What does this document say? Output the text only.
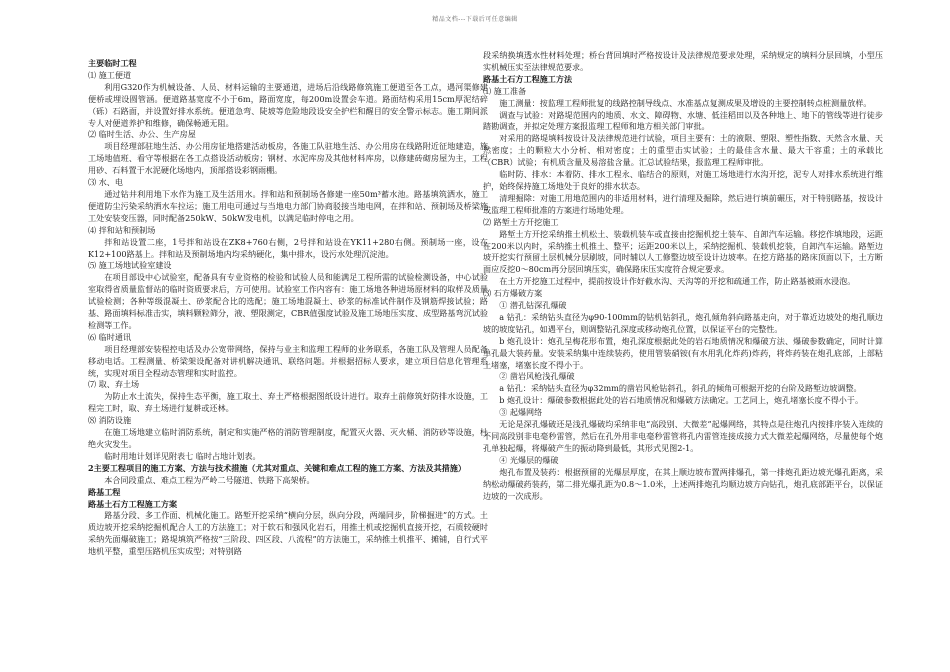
精品文档---下载后可任意编辑

主要临时工程

⑴ 施工便道

利用G320作为机械设备、人员、材料运输的主要通道，进场后沿线路修筑施工便道至各工点，遇河渠修建便桥或埋设圆管涵。便道路基宽度不小于6m，路面宽度，每200m设置会车道。路面结构采用15cm厚泥结碎（砾）石路面，并设置好排水系统。便道急弯、陡坡等危险地段设安全护栏和醒目的安全警示标志。施工期间派专人对便道养护和维修，确保畅通无阻。

⑵ 临时生活、办公、生产房屋

项目经理部驻地生活、办公用房征地搭建活动板房，各施工队驻地生活、办公用房在线路附近征地建造，施工场地值班、看守等根据在各工点搭设活动板房；钢材、水泥库房及其他材料库房，以修建砖砌房屋为主，工程用砂、石料置于水泥硬化场地内，顶部搭设彩钢雨棚。

⑶ 水、电

通过钻井利用地下水作为施工及生活用水。拌和站和预制场各修建一座50m³蓄水池。路基填筑洒水，施工便道防尘污染采纳洒水车拉运；施工用电可通过与当地电力部门协商驳接当地电网，在拌和站、预制场及桥梁施工处安装变压器，同时配备250kW、50kW发电机，以满足临时停电之用。

⑷ 拌和站和预制场

拌和站设置二座，1号拌和站设在ZK8+760右侧，2号拌和站设在YK11+280右侧。预制场一座，设在K12+100路基上。拌和站及预制场地内均采纳硬化，集中排水，设污水处理沉淀池。

⑸ 施工场地试验室建设

在项目部设中心试验室，配备具有专业资格的检验和试验人员和能满足工程所需的试验检测设备，中心试验室取得省质量监督站的临时资质要求后，方可使用。试验室工作内容有：施工场地各种进场原材料的取样及质量试验检测；各种等级混凝土、砂浆配合比的选配；施工场地混凝土、砂浆的标准试件制作及钢筋焊接试验；路基、路面填料标准击实，填料颗粒筛分，液、塑限测定，CBR值强度试验及施工场地压实度、成型路基弯沉试验检测等工作。

⑹ 临时通讯

项目经理部安装程控电话及办公宽带网络，保持与业主和监理工程师的业务联系，各施工队及管理人员配备移动电话。工程测量、桥梁架设配备对讲机解决通讯、联络问题。并根据招标人要求，建立项目信息化管理系统，实现对项目全程动态管理和实时监控。

⑺ 取、弃土场

为防止水土流失，保持生态平衡，施工取土、弃土严格根据图纸设计进行。取弃土前修筑好防排水设施，工程完工时，取、弃土场进行复耕或还林。

⑻ 消防设施

在施工场地建立临时消防系统，制定和实施严格的消防管理制度，配置灭火器、灭火桶、消防砂等设施，杜绝火灾发生。

临时用地计划详见附表七 临时占地计划表。

2主要工程项目的施工方案、方法与技术措施（尤其对重点、关键和难点工程的施工方案、方法及其措施）

本合同段重点、难点工程为严岭二号隧道、铁路下高架桥。

路基工程

路基土石方工程施工方案

路基分段、多工作面、机械化施工。路堑开挖采纳“横向分层，纵向分段，两端同步，阶梯掘进”的方式。土质边坡开挖采纳挖掘机配合人工的方法施工；对于软石和强风化岩石，用推土机或挖掘机直接开挖，石质较硬时采纳先面爆破施工；路堤填筑严格按“三阶段、四区段、八流程”的方法施工，采纳推土机推平、摊铺，自行式平地机平整，重型压路机压实成型；对特别路

段采纳换填透水性材料处理；桥台背回填时严格按设计及法律规范要求处理，采纳规定的填料分层回填，小型压实机械压实至法律规范要求。

路基土石方工程施工方法

⑴ 施工准备

施工测量：按监理工程师批复的线路控制导线点、水准基点复测成果及增设的主要控制转点桩测量放样。

调查与试验：对路堤范围内的地质、水文、障碍物、水塘、低洼稻田以及各种地上、地下的管线等进行徒步踏勘调查，并拟定处理方案报监理工程师和地方相关部门审批。

对采用的路堤填料按设计及法律规范进行试验，项目主要有：土的液限、塑限、塑性指数、天然含水量、天然密度；土的颗粒大小分析、相对密度；土的重型击实试验；土的最佳含水量、最大干容重；土的承载比（CBR）试验；有机质含量及易溶盐含量。汇总试验结果，报监理工程师审批。

临时防、排水：本着防、排水工程永、临结合的原则，对施工场地进行水沟开挖，泥专人对排水系统进行维护，始终保持施工场地处于良好的排水状态。

清理掘除：对施工用地范围内的非适用材料，进行清理及掘除，然后进行填前碾压，对于特别路基，按设计或监理工程师批准的方案进行场地处理。

⑵ 路堑土方开挖施工

路堑土方开挖采纳推土机松土、装载机装车或直接由挖掘机挖土装车、自卸汽车运输。移挖作填地段，运距在200米以内时，采纳推土机推土、整平；运距200米以上，采纳挖掘机、装载机挖装，自卸汽车运输。路堑边坡开挖实行预留土层机械分层刷坡，同时辅以人工修整边坡至设计边坡率。在挖方路基的路床顶面以下，土方断面应反挖0～80cm再分层回填压实，确保路床压实度符合规定要求。

在土方开挖施工过程中，提前按设计作好截水沟、天沟等的开挖和疏通工作，防止路基被雨水浸泡。

⑶ 石方爆破方案

① 潜孔钻深孔爆破

a 钻孔：采纳钻头直径为φ90-100mm的钻机钻斜孔，炮孔倾角斜向路基走向，对于靠近边坡处的炮孔顺边坡的坡度钻孔，如遇平台，则调整钻孔深度或移动炮孔位置，以保证平台的完整性。

b 炮孔设计：炮孔呈梅花形布置，炮孔深度根据此处的岩石地质情况和爆破方法、爆破参数确定，同时计算单孔最大装药量。安装采纳集中连续装药，使用管装硝铵(有水用乳化炸药)炸药，将炸药装在炮孔底部，上部粘土堵塞，堵塞长度不得小于。

② 凿岩风枪浅孔爆破

a 钻孔：采纳钻头直径为φ32mm的凿岩风枪钻斜孔，斜孔的倾角可根据开挖的台阶及路堑边坡调整。

b 炮孔设计：爆破参数根据此处的岩石地质情况和爆破方法确定。工艺同上，炮孔堵塞长度不得小于。

③ 起爆网络

无论是深孔爆破还是浅孔爆破均采纳非电“高段别、大微差”起爆网络，其特点是往炮孔内按排序装入连续的不同高段别非电毫秒雷管，然后在孔外用非电毫秒雷管将孔内雷管连接成接力式大微差起爆网络，尽量使每个炮孔单独起爆，将爆破产生的振动降到最低，其形式见图2-1。

④ 光爆层的爆破

炮孔布置及装药：根据预留的光爆层厚度，在其上顺边坡布置两排爆孔，第一排炮孔距边坡光爆孔距离，采纳松动爆破药装药，第二排光爆孔距为0.8～1.0米，上述两排炮孔均顺边坡方向钻孔，炮孔底部距平台，以保证边坡的一次成形。
